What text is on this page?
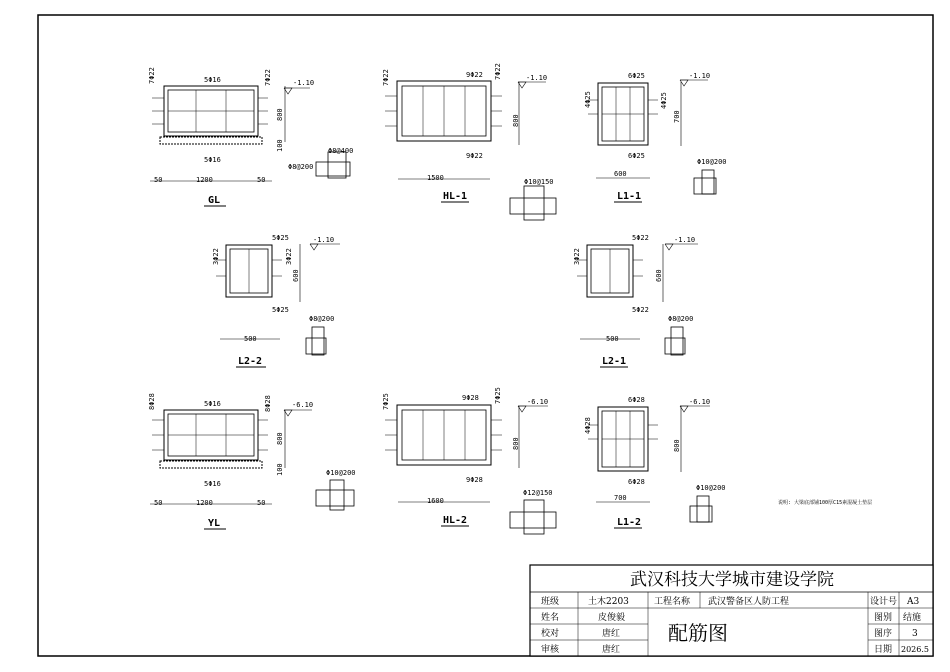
5Φ16
5Φ16
7Φ22	7Φ22
50	1200	50
800
100
-1.10
Φ8@400
Φ8@200
GL
9Φ22
9Φ22
7Φ22	7Φ22
1500
800
-1.10
Φ10@150
HL-1
6Φ25
6Φ25
4Φ25	4Φ25
600
700
-1.10
Φ10@200
L1-1
5Φ25
5Φ25
3Φ22	3Φ22
500
600
-1.10
Φ8@200
L2-2
5Φ22
5Φ22
3Φ22
500
600
-1.10
Φ8@200
L2-1
5Φ16
5Φ16
8Φ28	8Φ28
50	1200	50
800
100
-6.10
Φ10@200
YL
9Φ28
9Φ28
7Φ25	7Φ25
1600
800
-6.10
Φ12@150
HL-2
6Φ28
6Φ28
4Φ28
700
800
-6.10
Φ10@200
L1-2
说明: 大梁底部铺100厚C15素混凝土垫层
武汉科技大学城市建设学院
班级	土木2203	工程名称 武汉警备区人防工程
姓名	皮俊毅
校对	唐红
审核	唐红
配筋图
设计号 A3
图别 结施
图序 3
日期 2026.5
